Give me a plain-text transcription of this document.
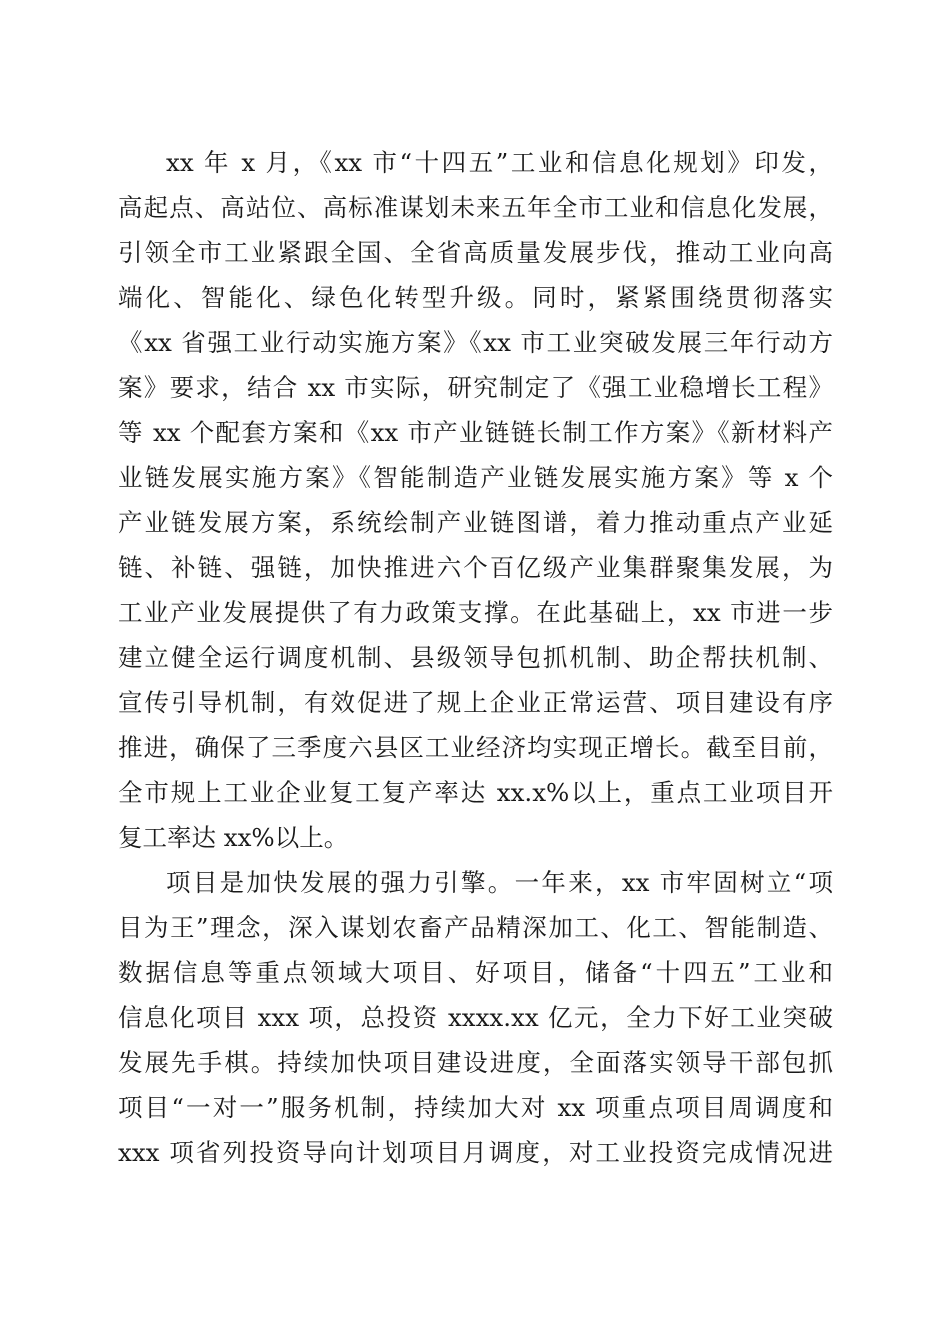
xx 年 x 月，《xx 市“十四五”工业和信息化规划》印发，
高起点、高站位、高标准谋划未来五年全市工业和信息化发展，
引领全市工业紧跟全国、全省高质量发展步伐，推动工业向高
端化、智能化、绿色化转型升级。同时，紧紧围绕贯彻落实
《xx 省强工业行动实施方案》《xx 市工业突破发展三年行动方
案》要求，结合 xx 市实际，研究制定了《强工业稳增长工程》
等 xx 个配套方案和《xx 市产业链链长制工作方案》《新材料产
业链发展实施方案》《智能制造产业链发展实施方案》等 x 个
产业链发展方案，系统绘制产业链图谱，着力推动重点产业延
链、补链、强链，加快推进六个百亿级产业集群聚集发展，为
工业产业发展提供了有力政策支撑。在此基础上，xx 市进一步
建立健全运行调度机制、县级领导包抓机制、助企帮扶机制、
宣传引导机制，有效促进了规上企业正常运营、项目建设有序
推进，确保了三季度六县区工业经济均实现正增长。截至目前，
全市规上工业企业复工复产率达 xx.x%以上，重点工业项目开
复工率达 xx%以上。
项目是加快发展的强力引擎。一年来，xx 市牢固树立“项
目为王”理念，深入谋划农畜产品精深加工、化工、智能制造、
数据信息等重点领域大项目、好项目，储备“十四五”工业和
信息化项目 xxx 项，总投资 xxxx.xx 亿元，全力下好工业突破
发展先手棋。持续加快项目建设进度，全面落实领导干部包抓
项目“一对一”服务机制，持续加大对 xx 项重点项目周调度和
xxx 项省列投资导向计划项目月调度，对工业投资完成情况进
